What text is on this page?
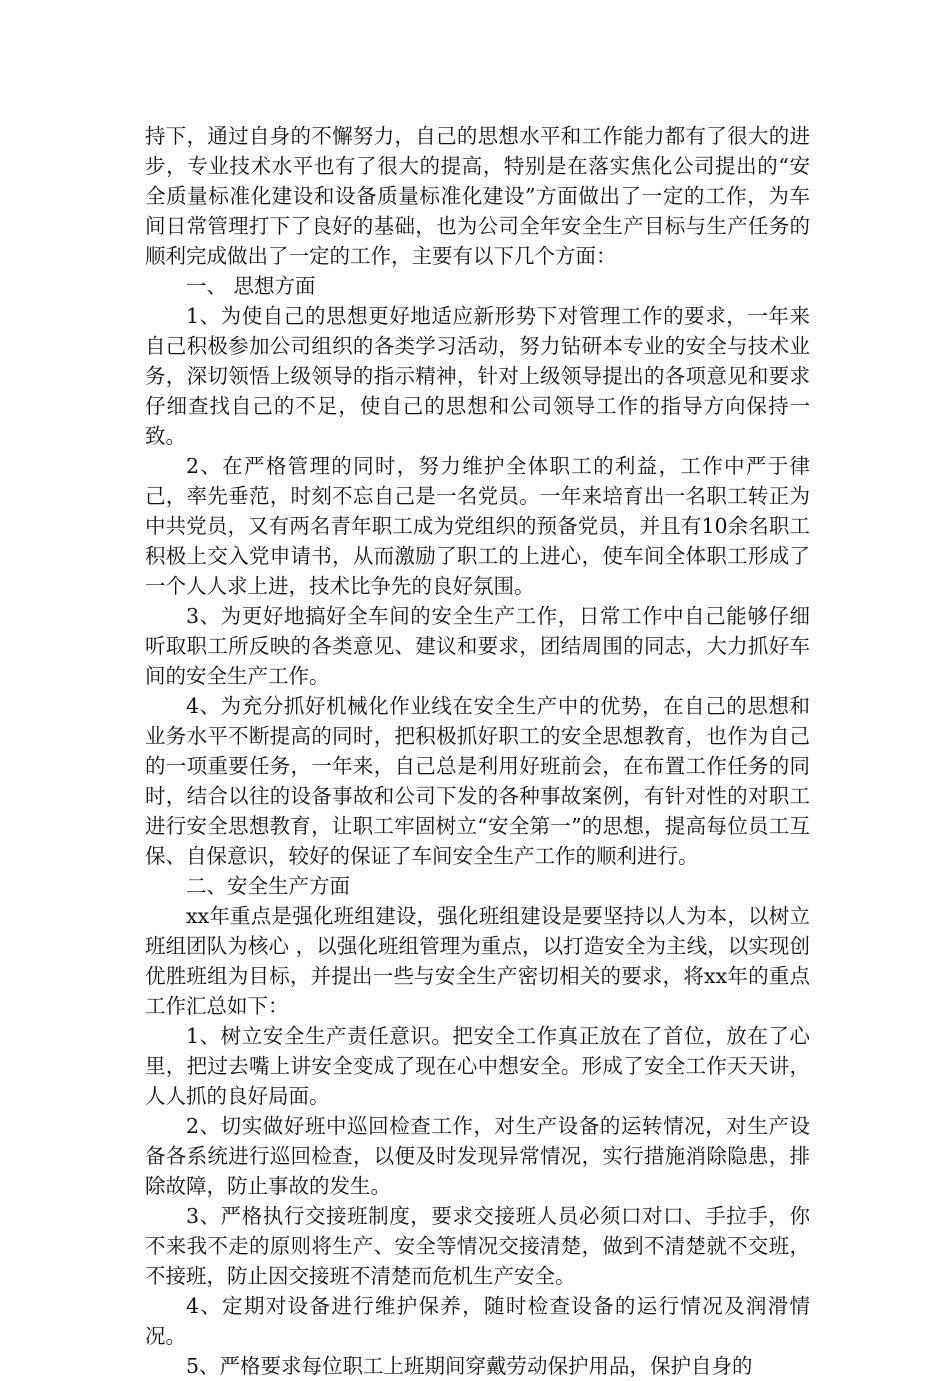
持下，通过自身的不懈努力，自己的思想水平和工作能力都有了很大的进步，专业技术水平也有了很大的提高，特别是在落实焦化公司提出的“安全质量标准化建设和设备质量标准化建设”方面做出了一定的工作，为车间日常管理打下了良好的基础，也为公司全年安全生产目标与生产任务的顺利完成做出了一定的工作，主要有以下几个方面：

一、 思想方面

1、为使自己的思想更好地适应新形势下对管理工作的要求，一年来自己积极参加公司组织的各类学习活动，努力钻研本专业的安全与技术业务，深切领悟上级领导的指示精神，针对上级领导提出的各项意见和要求仔细查找自己的不足，使自己的思想和公司领导工作的指导方向保持一致。

2、在严格管理的同时，努力维护全体职工的利益，工作中严于律己，率先垂范，时刻不忘自己是一名党员。一年来培育出一名职工转正为中共党员，又有两名青年职工成为党组织的预备党员，并且有10余名职工积极上交入党申请书，从而激励了职工的上进心，使车间全体职工形成了一个人人求上进，技术比争先的良好氛围。

3、为更好地搞好全车间的安全生产工作，日常工作中自己能够仔细听取职工所反映的各类意见、建议和要求，团结周围的同志，大力抓好车间的安全生产工作。

4、为充分抓好机械化作业线在安全生产中的优势，在自己的思想和业务水平不断提高的同时，把积极抓好职工的安全思想教育，也作为自己的一项重要任务，一年来，自己总是利用好班前会，在布置工作任务的同时，结合以往的设备事故和公司下发的各种事故案例，有针对性的对职工进行安全思想教育，让职工牢固树立“安全第一”的思想，提高每位员工互保、自保意识，较好的保证了车间安全生产工作的顺利进行。

二、安全生产方面

xx年重点是强化班组建设，强化班组建设是要坚持以人为本，以树立班组团队为核心 ，以强化班组管理为重点，以打造安全为主线，以实现创优胜班组为目标，并提出一些与安全生产密切相关的要求，将xx年的重点工作汇总如下：

1、树立安全生产责任意识。把安全工作真正放在了首位，放在了心里，把过去嘴上讲安全变成了现在心中想安全。形成了安全工作天天讲，人人抓的良好局面。

2、切实做好班中巡回检查工作，对生产设备的运转情况，对生产设备各系统进行巡回检查，以便及时发现异常情况，实行措施消除隐患，排除故障，防止事故的发生。

3、严格执行交接班制度，要求交接班人员必须口对口、手拉手，你不来我不走的原则将生产、安全等情况交接清楚，做到不清楚就不交班，不接班，防止因交接班不清楚而危机生产安全。

4、定期对设备进行维护保养，随时检查设备的运行情况及润滑情况。

5、严格要求每位职工上班期间穿戴劳动保护用品，保护自身的
